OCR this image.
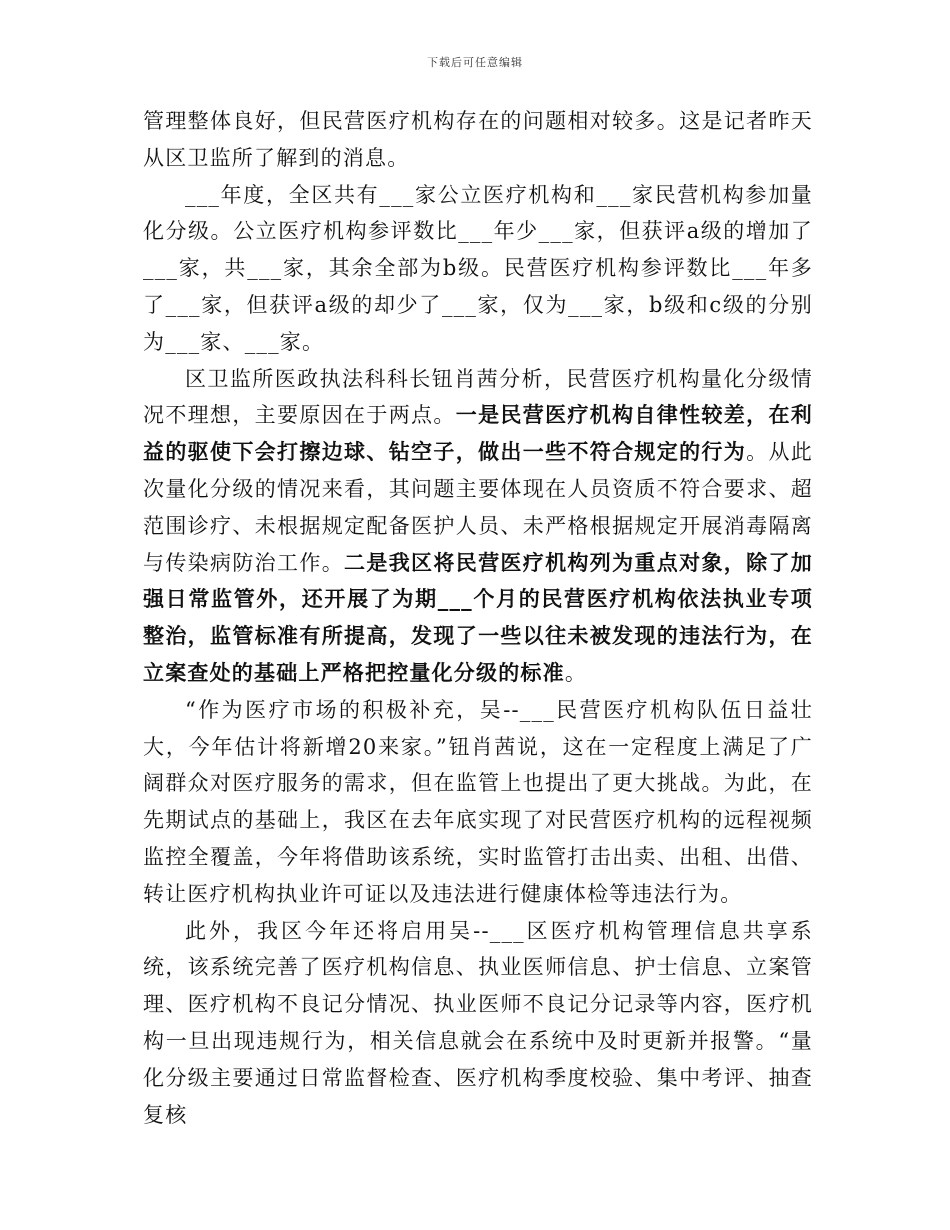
下载后可任意编辑

管理整体良好，但民营医疗机构存在的问题相对较多。这是记者昨天从区卫监所了解到的消息。

___年度，全区共有___家公立医疗机构和___家民营机构参加量化分级。公立医疗机构参评数比___年少___家，但获评a级的增加了___家，共___家，其余全部为b级。民营医疗机构参评数比___年多了___家，但获评a级的却少了___家，仅为___家，b级和c级的分别为___家、___家。

区卫监所医政执法科科长钮肖茜分析，民营医疗机构量化分级情况不理想，主要原因在于两点。一是民营医疗机构自律性较差，在利益的驱使下会打擦边球、钻空子，做出一些不符合规定的行为。从此次量化分级的情况来看，其问题主要体现在人员资质不符合要求、超范围诊疗、未根据规定配备医护人员、未严格根据规定开展消毒隔离与传染病防治工作。二是我区将民营医疗机构列为重点对象，除了加强日常监管外，还开展了为期___个月的民营医疗机构依法执业专项整治，监管标准有所提高，发现了一些以往未被发现的违法行为，在立案查处的基础上严格把控量化分级的标准。

“作为医疗市场的积极补充，吴--___民营医疗机构队伍日益壮大，今年估计将新增20来家。”钮肖茜说，这在一定程度上满足了广阔群众对医疗服务的需求，但在监管上也提出了更大挑战。为此，在先期试点的基础上，我区在去年底实现了对民营医疗机构的远程视频监控全覆盖，今年将借助该系统，实时监管打击出卖、出租、出借、转让医疗机构执业许可证以及违法进行健康体检等违法行为。

此外，我区今年还将启用吴--___区医疗机构管理信息共享系统，该系统完善了医疗机构信息、执业医师信息、护士信息、立案管理、医疗机构不良记分情况、执业医师不良记分记录等内容，医疗机构一旦出现违规行为，相关信息就会在系统中及时更新并报警。“量化分级主要通过日常监督检查、医疗机构季度校验、集中考评、抽查复核
